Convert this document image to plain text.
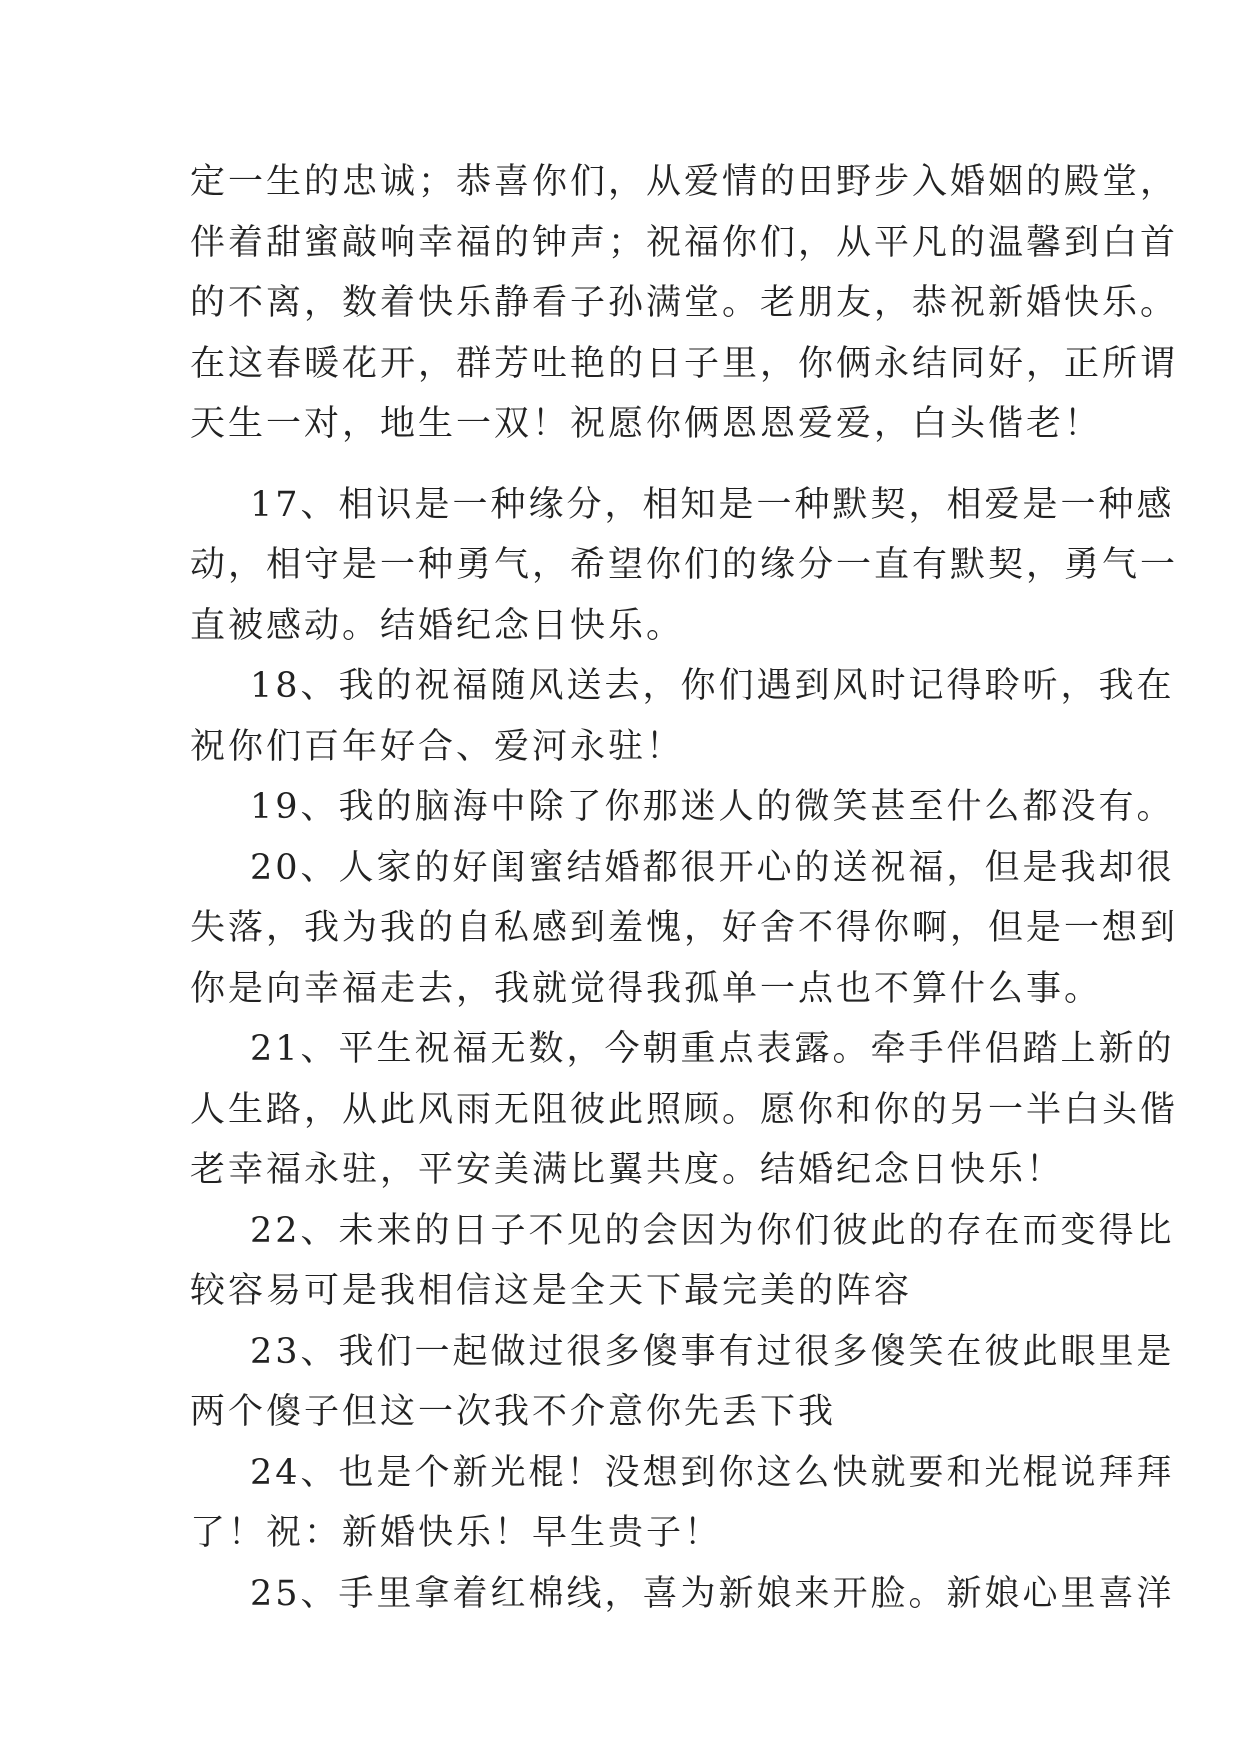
定一生的忠诚；恭喜你们，从爱情的田野步入婚姻的殿堂，
伴着甜蜜敲响幸福的钟声；祝福你们，从平凡的温馨到白首
的不离，数着快乐静看子孙满堂。老朋友，恭祝新婚快乐。
在这春暖花开，群芳吐艳的日子里，你俩永结同好，正所谓
天生一对，地生一双！祝愿你俩恩恩爱爱，白头偕老！
17、相识是一种缘分，相知是一种默契，相爱是一种感
动，相守是一种勇气，希望你们的缘分一直有默契，勇气一
直被感动。结婚纪念日快乐。
18、我的祝福随风送去，你们遇到风时记得聆听，我在
祝你们百年好合、爱河永驻！
19、我的脑海中除了你那迷人的微笑甚至什么都没有。
20、人家的好闺蜜结婚都很开心的送祝福，但是我却很
失落，我为我的自私感到羞愧，好舍不得你啊，但是一想到
你是向幸福走去，我就觉得我孤单一点也不算什么事。
21、平生祝福无数，今朝重点表露。牵手伴侣踏上新的
人生路，从此风雨无阻彼此照顾。愿你和你的另一半白头偕
老幸福永驻，平安美满比翼共度。结婚纪念日快乐！
22、未来的日子不见的会因为你们彼此的存在而变得比
较容易可是我相信这是全天下最完美的阵容
23、我们一起做过很多傻事有过很多傻笑在彼此眼里是
两个傻子但这一次我不介意你先丢下我
24、也是个新光棍！没想到你这么快就要和光棍说拜拜
了！祝：新婚快乐！早生贵子！
25、手里拿着红棉线，喜为新娘来开脸。新娘心里喜洋
